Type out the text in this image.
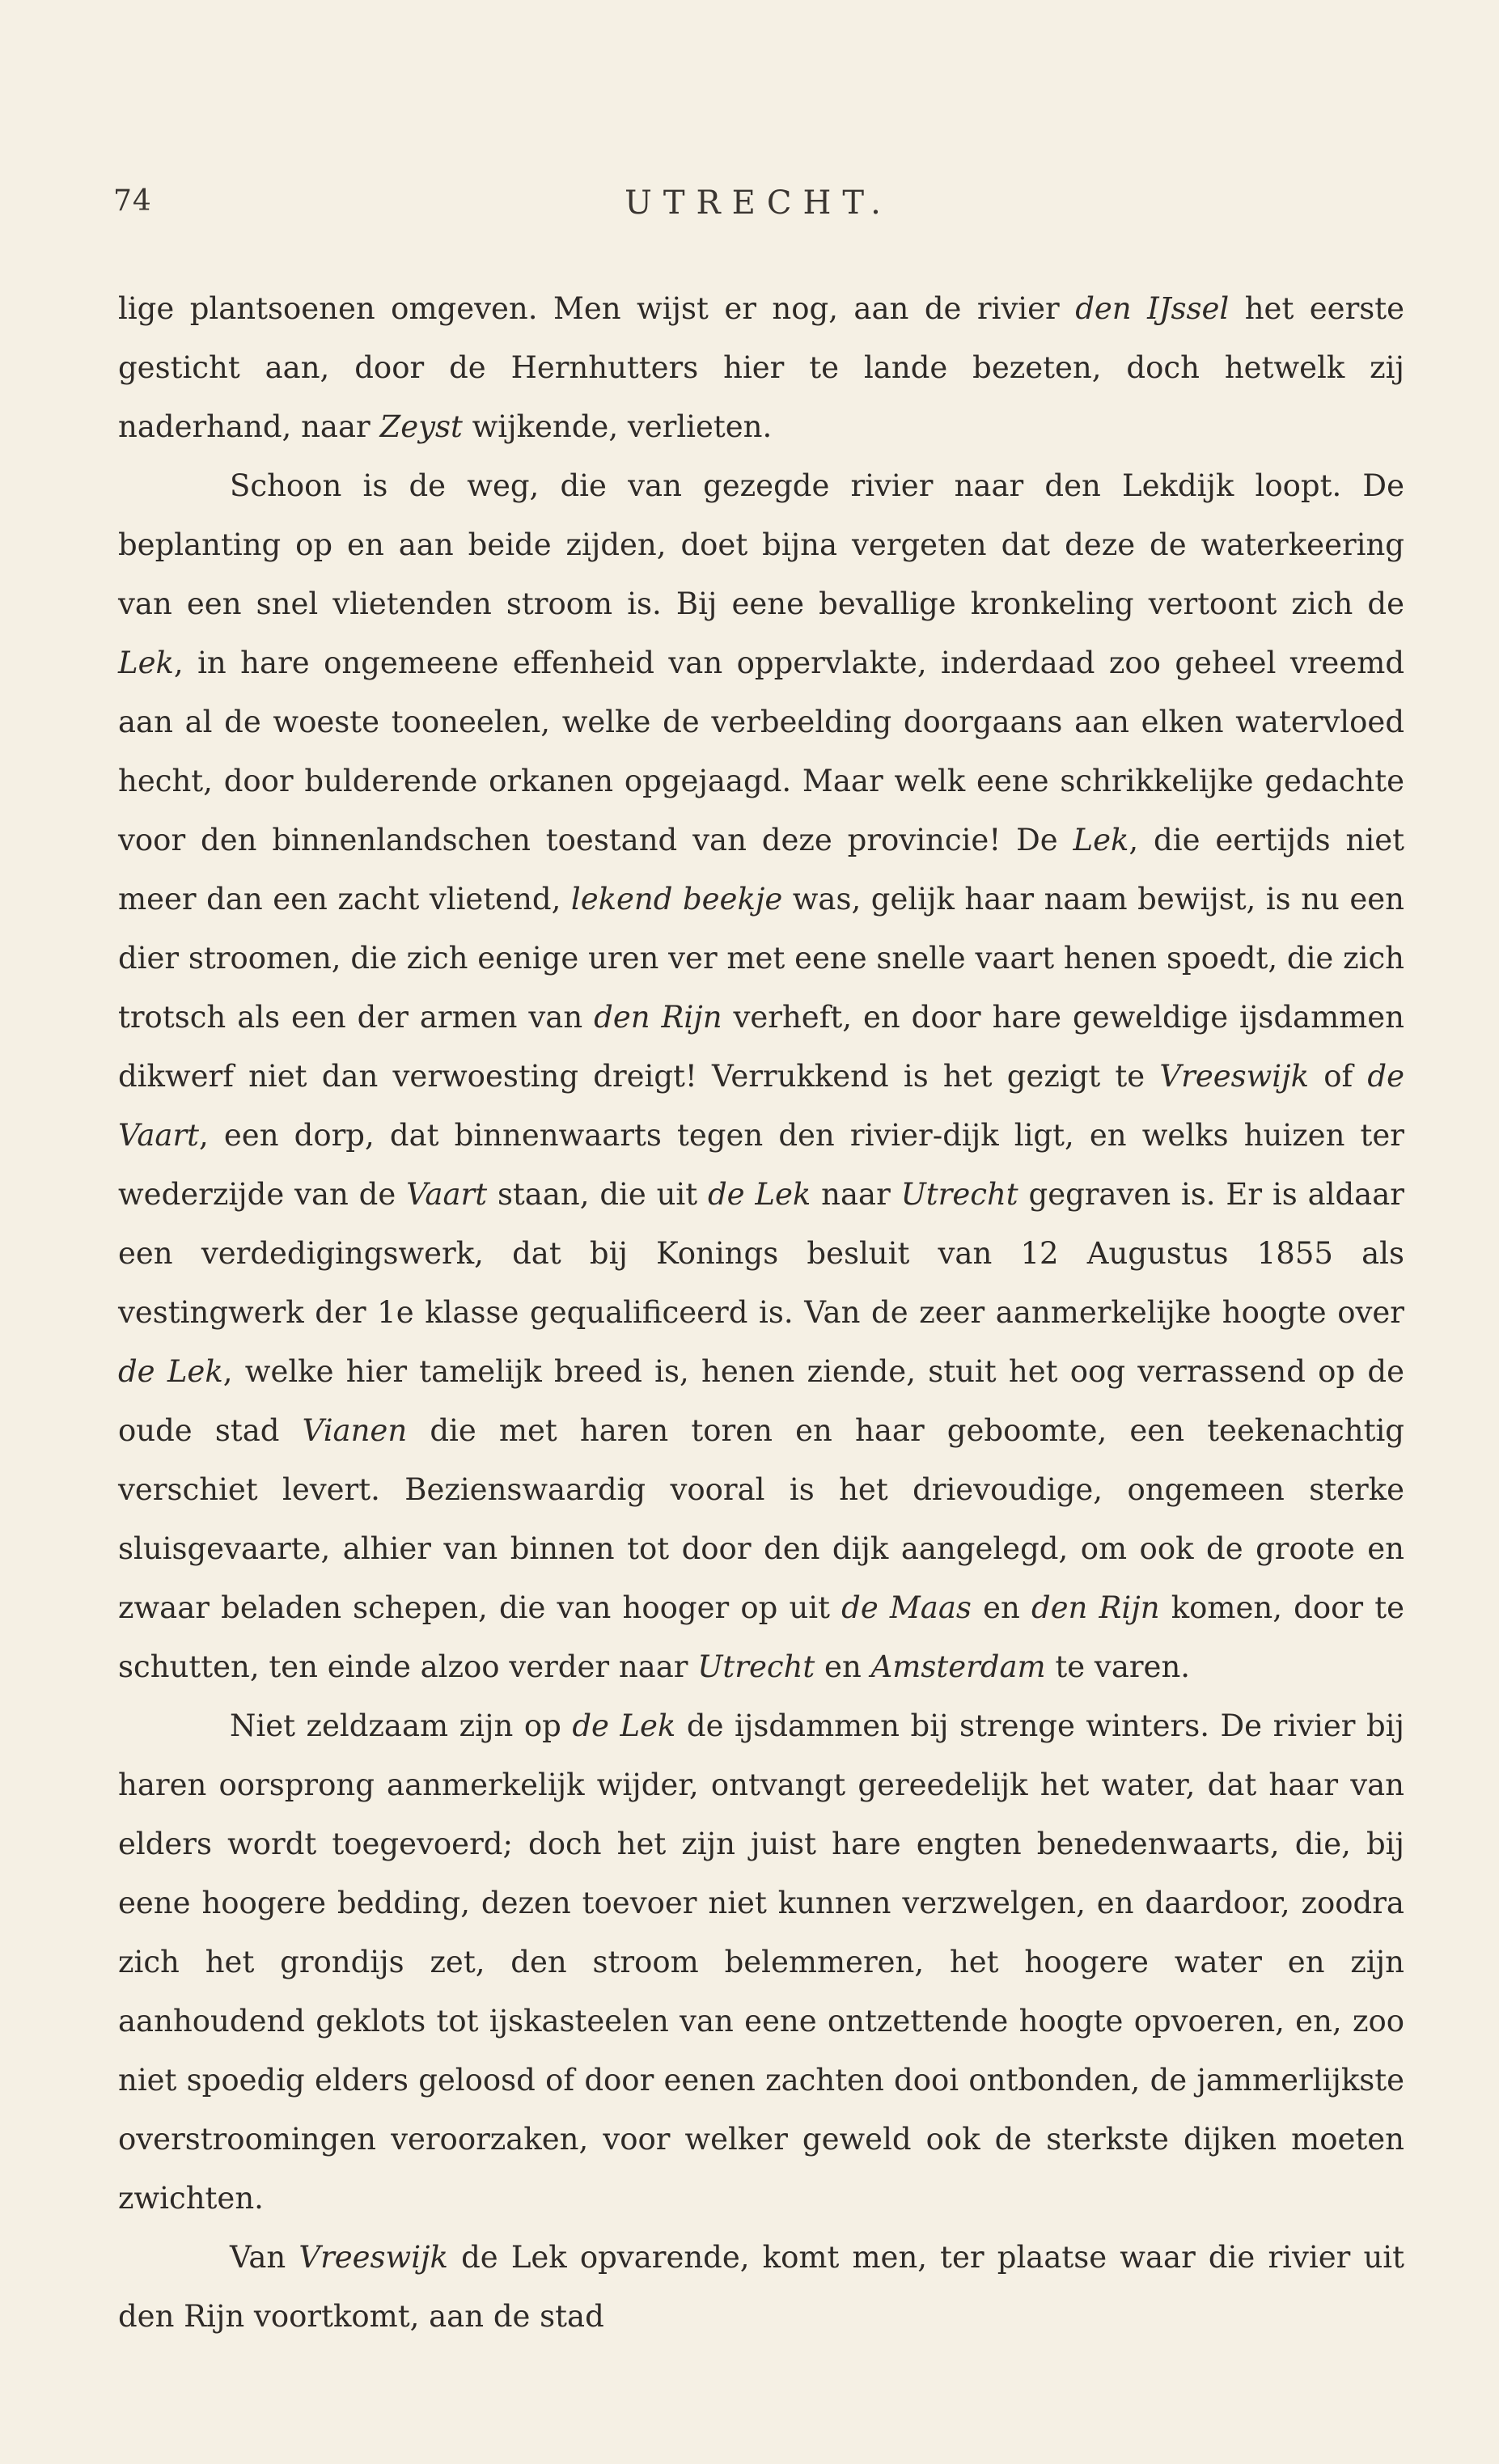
74	UTRECHT.

lige plantsoenen omgeven. Men wijst er nog, aan de rivier den IJssel het eerste gesticht aan, door de Hernhutters hier te lande bezeten, doch hetwelk zij naderhand, naar Zeyst wijkende, verlieten.

Schoon is de weg, die van gezegde rivier naar den Lekdijk loopt. De beplanting op en aan beide zijden, doet bijna vergeten dat deze de waterkeering van een snel vlietenden stroom is. Bij eene bevallige kronkeling vertoont zich de Lek, in hare ongemeene effenheid van oppervlakte, inderdaad zoo geheel vreemd aan al de woeste tooneelen, welke de verbeelding doorgaans aan elken watervloed hecht, door bulderende orkanen opgejaagd. Maar welk eene schrikkelijke gedachte voor den binnenlandschen toestand van deze provincie! De Lek, die eertijds niet meer dan een zacht vlietend, lekend beekje was, gelijk haar naam bewijst, is nu een dier stroomen, die zich eenige uren ver met eene snelle vaart henen spoedt, die zich trotsch als een der armen van den Rijn verheft, en door hare geweldige ijsdammen dikwerf niet dan verwoesting dreigt! Verrukkend is het gezigt te Vreeswijk of de Vaart, een dorp, dat binnenwaarts tegen den rivier-dijk ligt, en welks huizen ter wederzijde van de Vaart staan, die uit de Lek naar Utrecht gegraven is. Er is aldaar een verdedigingswerk, dat bij Konings besluit van 12 Augustus 1855 als vestingwerk der 1e klasse gequalificeerd is. Van de zeer aanmerkelijke hoogte over de Lek, welke hier tamelijk breed is, henen ziende, stuit het oog verrassend op de oude stad Vianen die met haren toren en haar geboomte, een teekenachtig verschiet levert. Bezienswaardig vooral is het drievoudige, ongemeen sterke sluisgevaarte, alhier van binnen tot door den dijk aangelegd, om ook de groote en zwaar beladen schepen, die van hooger op uit de Maas en den Rijn komen, door te schutten, ten einde alzoo verder naar Utrecht en Amsterdam te varen.

Niet zeldzaam zijn op de Lek de ijsdammen bij strenge winters. De rivier bij haren oorsprong aanmerkelijk wijder, ontvangt gereedelijk het water, dat haar van elders wordt toegevoerd; doch het zijn juist hare engten benedenwaarts, die, bij eene hoogere bedding, dezen toevoer niet kunnen verzwelgen, en daardoor, zoodra zich het grondijs zet, den stroom belemmeren, het hoogere water en zijn aanhoudend geklots tot ijskasteelen van eene ontzettende hoogte opvoeren, en, zoo niet spoedig elders geloosd of door eenen zachten dooi ontbonden, de jammerlijkste overstroomingen veroorzaken, voor welker geweld ook de sterkste dijken moeten zwichten.

Van Vreeswijk de Lek opvarende, komt men, ter plaatse waar die rivier uit den Rijn voortkomt, aan de stad
